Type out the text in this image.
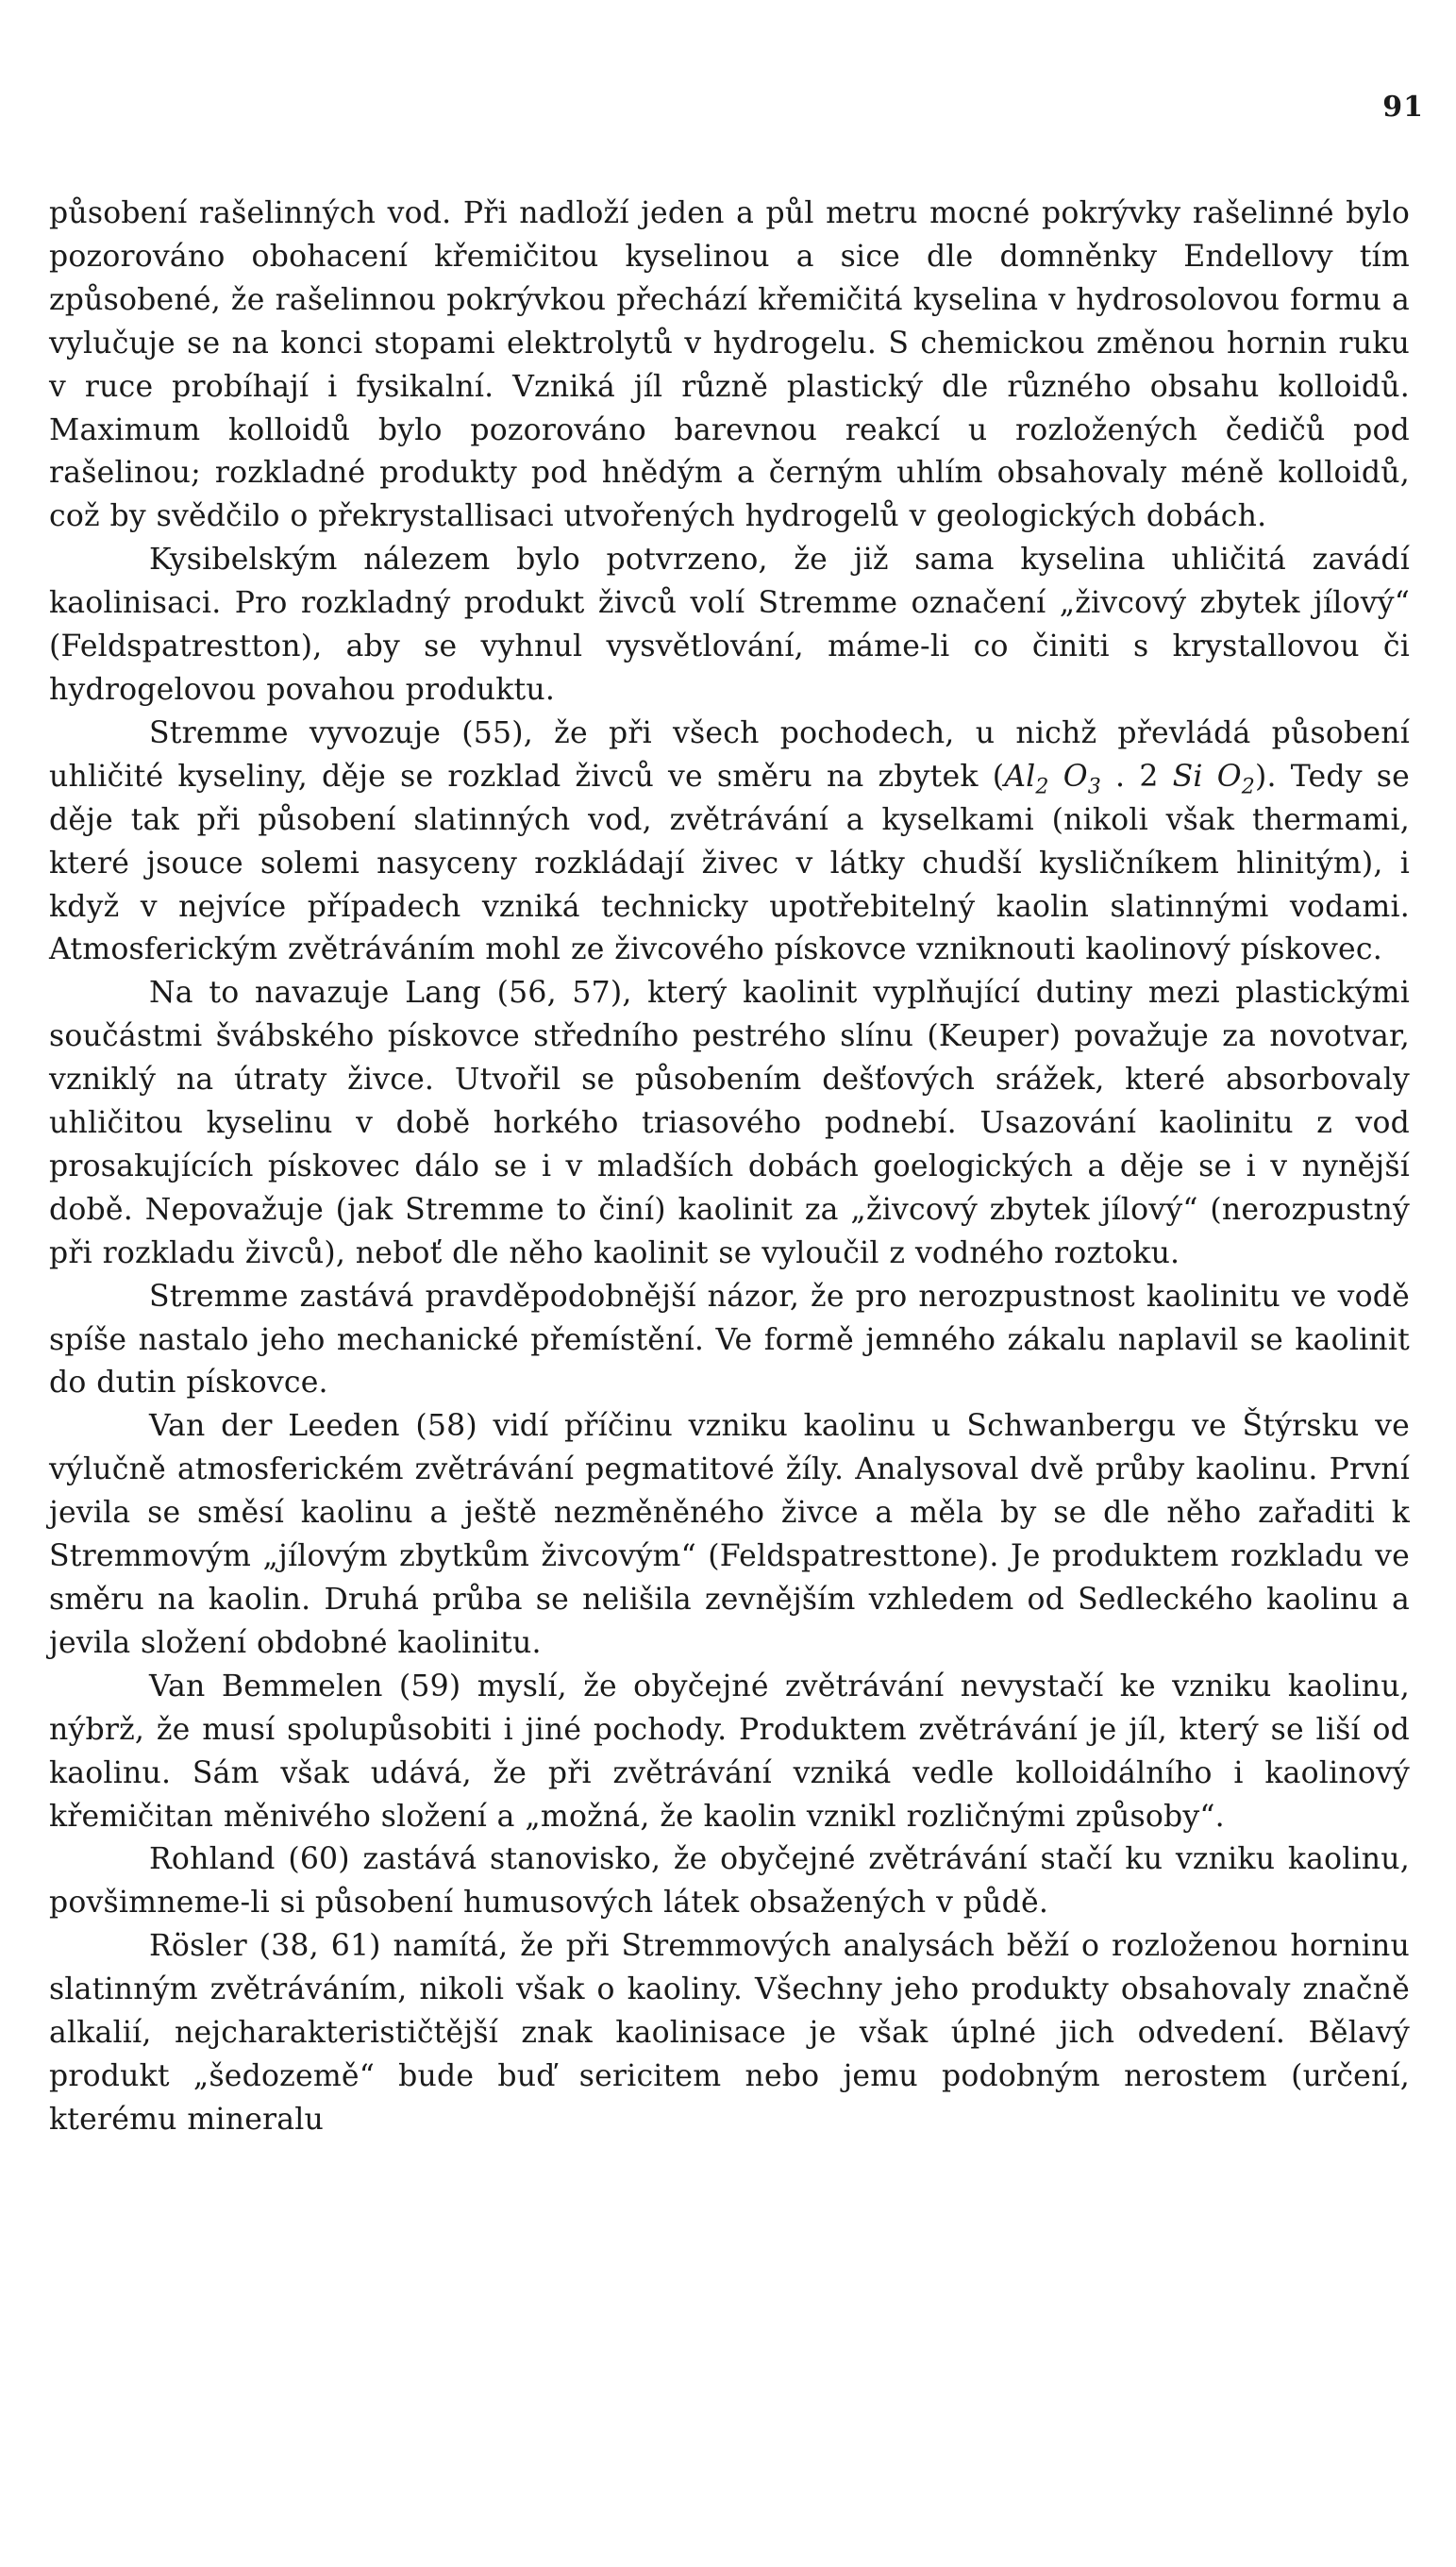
91

působení rašelinných vod. Při nadloží jeden a půl metru mocné pokrývky rašelinné bylo pozorováno obohacení křemičitou kyselinou a sice dle domněnky Endellovy tím způsobené, že rašelinnou pokrývkou přechází křemičitá kyselina v hydrosolovou formu a vylučuje se na konci stopami elektrolytů v hydrogelu. S chemickou změnou hornin ruku v ruce probíhají i fysikalní. Vzniká jíl různě plastický dle různého obsahu kolloidů. Maximum kolloidů bylo pozorováno barevnou reakcí u rozložených čedičů pod rašelinou; rozkladné produkty pod hnědým a černým uhlím obsahovaly méně kolloidů, což by svědčilo o překrystallisaci utvořených hydrogelů v geologických dobách.

Kysibelským nálezem bylo potvrzeno, že již sama kyselina uhličitá zavádí kaolinisaci. Pro rozkladný produkt živců volí Stremme označení „živcový zbytek jílový“ (Feldspatrestton), aby se vyhnul vysvětlování, máme-li co činiti s krystallovou či hydrogelovou povahou produktu.

Stremme vyvozuje (55), že při všech pochodech, u nichž převládá působení uhličité kyseliny, děje se rozklad živců ve směru na zbytek ($Al_2$ $O_3$ . 2 Si $O_2$). Tedy se děje tak při působení slatinných vod, zvětrávání a kyselkami (nikoli však thermami, které jsouce solemi nasyceny rozkládají živec v látky chudší kysličníkem hlinitým), i když v nejvíce případech vzniká technicky upotřebitelný kaolin slatinnými vodami. Atmosferickým zvětráváním mohl ze živcového pískovce vzniknouti kaolinový pískovec.

Na to navazuje Lang (56, 57), který kaolinit vyplňující dutiny mezi plastickými součástmi švábského pískovce středního pestrého slínu (Keuper) považuje za novotvar, vzniklý na útraty živce. Utvořil se působením dešťových srážek, které absorbovaly uhličitou kyselinu v době horkého triasového podnebí. Usazování kaolinitu z vod prosakujících pískovec dálo se i v mladších dobách goelogických a děje se i v nynější době. Nepovažuje (jak Stremme to činí) kaolinit za „živcový zbytek jílový“ (nerozpustný při rozkladu živců), neboť dle něho kaolinit se vyloučil z vodného roztoku.

Stremme zastává pravděpodobnější názor, že pro nerozpustnost kaolinitu ve vodě spíše nastalo jeho mechanické přemístění. Ve formě jemného zákalu naplavil se kaolinit do dutin pískovce.

Van der Leeden (58) vidí příčinu vzniku kaolinu u Schwanbergu ve Štýrsku ve výlučně atmosferickém zvětrávání pegmatitové žíly. Analysoval dvě průby kaolinu. První jevila se směsí kaolinu a ještě nezměněného živce a měla by se dle něho zařaditi k Stremmovým „jílovým zbytkům živcovým“ (Feldspatresttone). Je produktem rozkladu ve směru na kaolin. Druhá průba se nelišila zevnějším vzhledem od Sedleckého kaolinu a jevila složení obdobné kaolinitu.

Van Bemmelen (59) myslí, že obyčejné zvětrávání nevystačí ke vzniku kaolinu, nýbrž, že musí spolupůsobiti i jiné pochody. Produktem zvětrávání je jíl, který se liší od kaolinu. Sám však udává, že při zvětrávání vzniká vedle kolloidálního i kaolinový křemičitan měnivého složení a „možná, že kaolin vznikl rozličnými způsoby“.

Rohland (60) zastává stanovisko, že obyčejné zvětrávání stačí ku vzniku kaolinu, povšimneme-li si působení humusových látek obsažených v půdě.

Rösler (38, 61) namítá, že při Stremmových analysách běží o rozloženou horninu slatinným zvětráváním, nikoli však o kaoliny. Všechny jeho produkty obsahovaly značně alkalií, nejcharakterističtější znak kaolinisace je však úplné jich odvedení. Bělavý produkt „šedozemě“ bude buď sericitem nebo jemu podobným nerostem (určení, kterému mineralu
